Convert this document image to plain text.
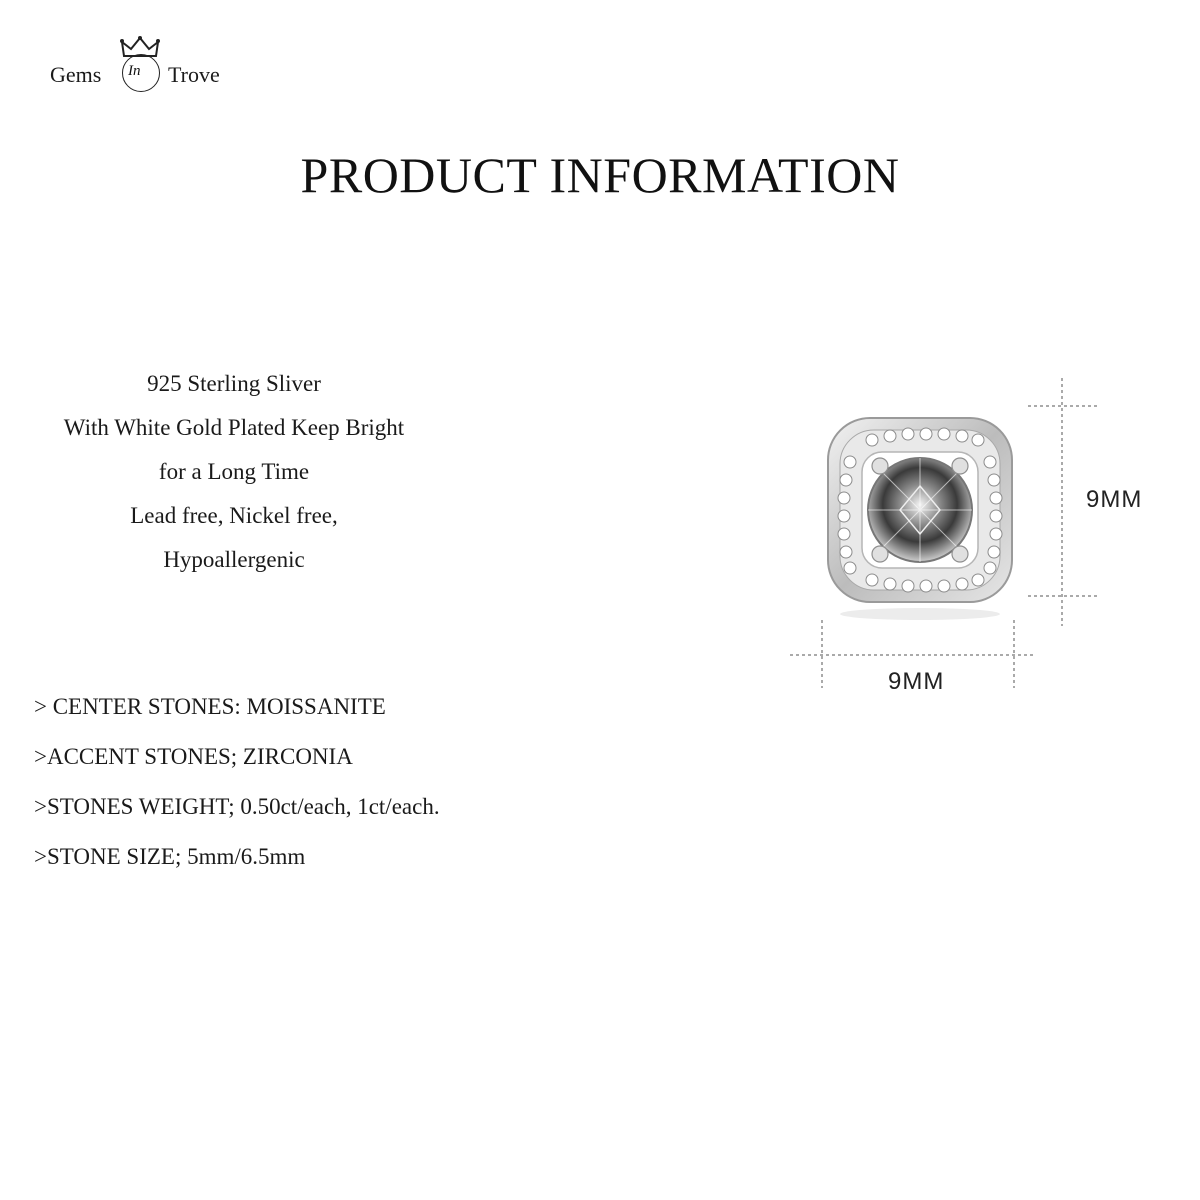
Gems In Trove
PRODUCT INFORMATION
925 Sterling Sliver
With White Gold Plated Keep Bright
for a Long Time
Lead free, Nickel free,
Hypoallergenic
> CENTER STONES: MOISSANITE
>ACCENT STONES; ZIRCONIA
>STONES WEIGHT; 0.50ct/each, 1ct/each.
>STONE SIZE; 5mm/6.5mm
9MM
9MM
